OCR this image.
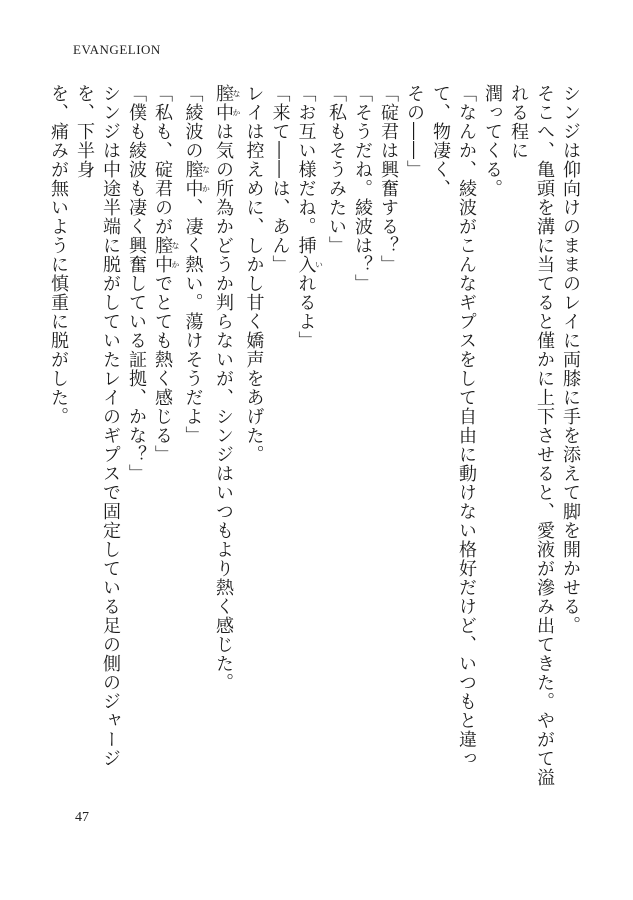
EVANGELION

シンジは仰向けのままのレイに両膝に手を添えて脚を開かせる。

そこへ、亀頭を溝に当てると僅かに上下させると、愛液が滲み出てきた。やがて溢れる程に

潤ってくる。

「なんか、綾波がこんなギプスをして自由に動けない格好だけど、いつもと違って、物凄く、

その――」

「碇君は興奮する？」

「そうだね。綾波は？」

「私もそうみたい」

「お互い様だね。挿入いれるよ」

「来て――は、あん」

レイは控えめに、しかし甘く嬌声をあげた。

膣中なかは気の所為かどうか判らないが、シンジはいつもより熱く感じた。

「綾波の膣中なか、凄く熱い。蕩けそうだよ」

「私も、碇君のが膣中なかでとても熱く感じる」

「僕も綾波も凄く興奮している証拠、かな？」

シンジは中途半端に脱がしていたレイのギプスで固定している足の側のジャージを、下半身

を、痛みが無いように慎重に脱がした。

47
